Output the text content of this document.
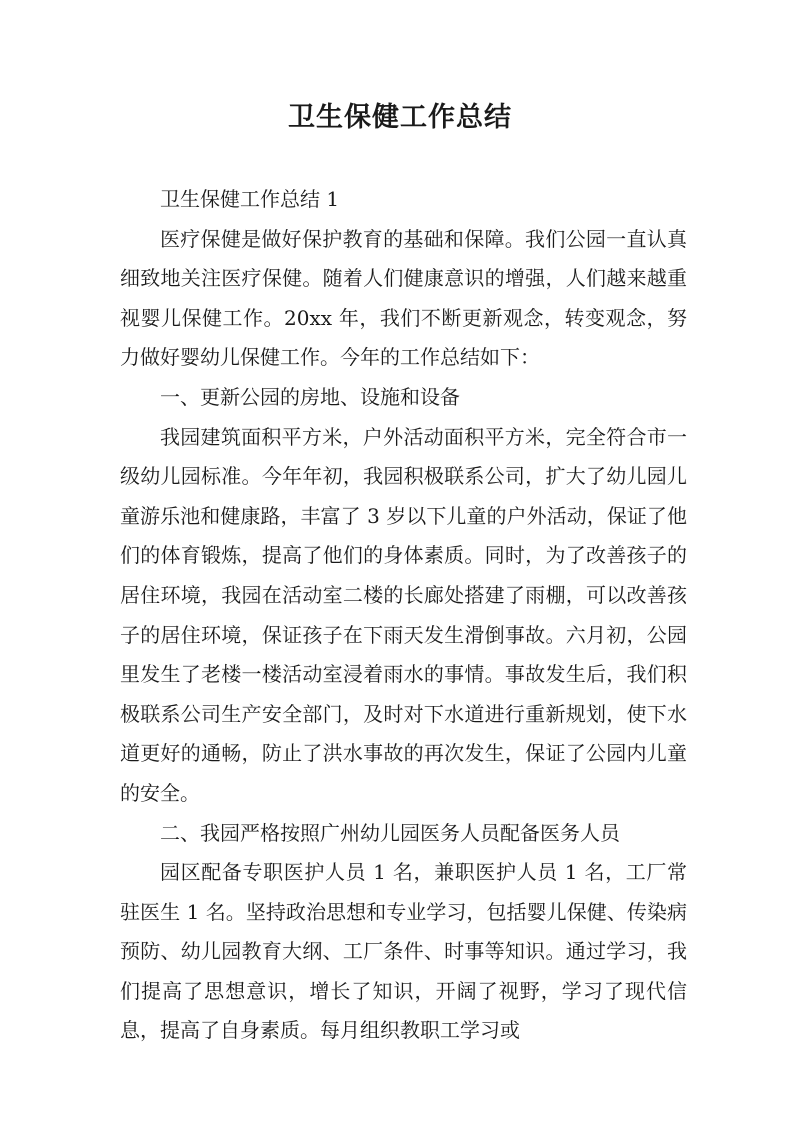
卫生保健工作总结

卫生保健工作总结 1

医疗保健是做好保护教育的基础和保障。我们公园一直认真细致地关注医疗保健。随着人们健康意识的增强，人们越来越重视婴儿保健工作。20xx 年，我们不断更新观念，转变观念，努力做好婴幼儿保健工作。今年的工作总结如下：

一、更新公园的房地、设施和设备

我园建筑面积平方米，户外活动面积平方米，完全符合市一级幼儿园标准。今年年初，我园积极联系公司，扩大了幼儿园儿童游乐池和健康路，丰富了 3 岁以下儿童的户外活动，保证了他们的体育锻炼，提高了他们的身体素质。同时，为了改善孩子的居住环境，我园在活动室二楼的长廊处搭建了雨棚，可以改善孩子的居住环境，保证孩子在下雨天发生滑倒事故。六月初，公园里发生了老楼一楼活动室浸着雨水的事情。事故发生后，我们积极联系公司生产安全部门，及时对下水道进行重新规划，使下水道更好的通畅，防止了洪水事故的再次发生，保证了公园内儿童的安全。

二、我园严格按照广州幼儿园医务人员配备医务人员

园区配备专职医护人员 1 名，兼职医护人员 1 名，工厂常驻医生 1 名。坚持政治思想和专业学习，包括婴儿保健、传染病预防、幼儿园教育大纲、工厂条件、时事等知识。通过学习，我们提高了思想意识，增长了知识，开阔了视野，学习了现代信息，提高了自身素质。每月组织教职工学习或
